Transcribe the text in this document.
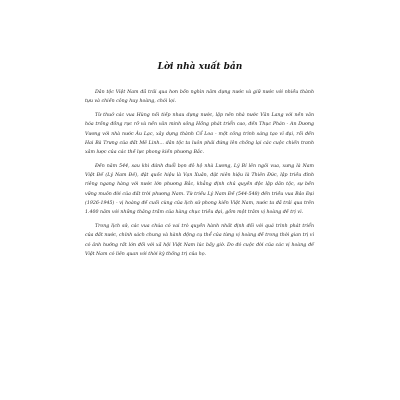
Lời nhà xuất bản

Dân tộc Việt Nam đã trải qua hơn bốn nghìn năm dựng nước và giữ nước với nhiều thành tựu và chiến công huy hoàng, chói lọi.

Từ thuở các vua Hùng nối tiếp nhau dựng nước, lập nên nhà nước Văn Lang với nền văn hóa trống đồng rực rỡ và nền văn minh sông Hồng phát triển cao, đến Thục Phán - An Dương Vương với nhà nước Âu Lạc, xây dựng thành Cổ Loa - một công trình sáng tạo vĩ đại, rồi đến Hai Bà Trưng của đất Mê Linh... dân tộc ta luôn phải đứng lên chống lại các cuộc chiến tranh xâm lược của các thế lực phong kiến phương Bắc.

Đến năm 544, sau khi đánh đuổi bọn đô hộ nhà Lương, Lý Bí lên ngôi vua, xưng là Nam Việt Đế (Lý Nam Đế), đặt quốc hiệu là Vạn Xuân, đặt niên hiệu là Thiên Đức, lập triều đình riêng ngang hàng với nước lớn phương Bắc, khẳng định chủ quyền độc lập dân tộc, sự bền vững muôn đời của đất trời phương Nam. Từ triều Lý Nam Đế (544-548) đến triều vua Bảo Đại (1926-1945) - vị hoàng đế cuối cùng của lịch sử phong kiến Việt Nam, nước ta đã trải qua trên 1.400 năm với những thăng trầm của hàng chục triều đại, gồm một trăm vị hoàng đế trị vì.

Trong lịch sử, các vua chúa có vai trò quyền hành nhất định đối với quá trình phát triển của đất nước, chính sách chung và hành động cụ thể của từng vị hoàng đế trong thời gian trị vì có ảnh hưởng rất lớn đối với xã hội Việt Nam lúc bấy giờ. Do đó cuộc đời của các vị hoàng đế Việt Nam có liên quan với thời kỳ thống trị của họ.
